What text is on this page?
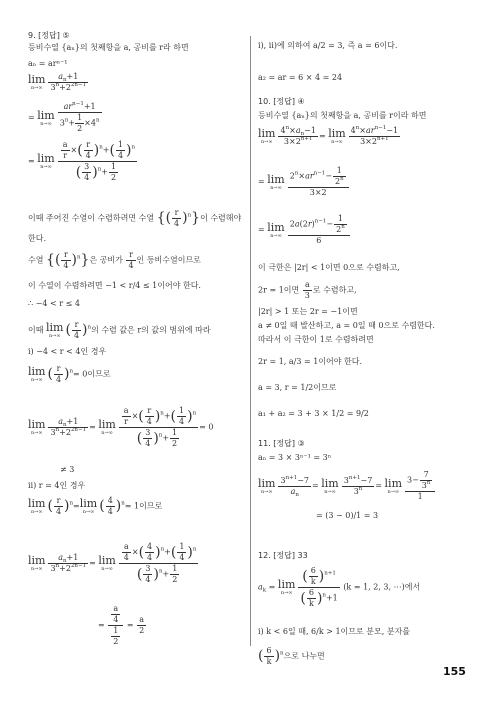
9. [정답] ⑤
등비수열 {aₙ}의 첫째항을 a, 공비를 r라 하면
aₙ = arⁿ⁻¹
lim
$n\to\infty \frac{a_n+1}{3^n+2^{2n-1}}$
= lim
$n\to\infty \frac{ar^{n-1}+1}{3^n+ \frac{1}{2} \times 4^n}$
= lim
$n\to\infty \frac{\frac{a}{r} \times( \frac{r}{4} )^n+( \frac{1}{4} )^n}{( \frac{3}{4} )^n+ \frac{1}{2}}$
이때 주어진 수열이 수렴하려면 수열 {( $\frac{r}{4} )^n$}이 수렴해야
한다.
수열 {( $\frac{r}{4} )^n$}은 공비가 $\frac{r}{4}$ 인 등비수열이므로
이 수열이 수렴하려면 −1 < r/4 ≤ 1이어야 한다.
∴ −4 < r ≤ 4
이때 lim
n→∞ ( $\frac{r}{4} )^n$의 수렴 값은 r의 값의 범위에 따라
ⅰ) −4 < r < 4인 경우
lim
n→∞ ( $\frac{r}{4} )^n= 0$이므로
lim
$n\to\infty \frac{a_n+1}{3^n+2^{2n-1}} = \lim$
$n\to\infty \frac{\frac{a}{r} \times( \frac{r}{4} )^n+( \frac{1}{4} )^n}{( \frac{3}{4} )^n+ \frac{1}{2}} = 0$
≠ 3
ⅱ) r = 4인 경우
lim
n→∞ ( $\frac{r}{4} )^n= \lim$
n→∞ ( $\frac{4}{4} )^n= 1$이므로
lim
$n\to\infty \frac{a_n+1}{3^n+2^{2n-1}} = \lim$
$n\to\infty \frac{\frac{a}{4} \times( \frac{4}{4} )^n+( \frac{1}{4} )^n}{( \frac{3}{4} )^n+ \frac{1}{2}}$
= $\frac{\frac{a}{4}}{\frac{1}{2}} = \frac{a}{2}$
ⅰ), ⅱ)에 의하여 a/2 = 3, 즉 a = 6이다.
a₂ = ar = 6 × 4 = 24
10. [정답] ④
등비수열 {aₙ}의 첫째항을 a, 공비를 r이라 하면
lim
$n\to\infty \frac{4^n\times a_n-1}{3\times 2^{n+1}} = \lim$
$n\to\infty \frac{4^n\times ar^{n-1}-1}{3\times 2^{n+1}}$
= lim
$n\to\infty \frac{2^n\times ar^{n-1}- \frac{1}{2^n}}{3\times 2}$
= lim
$n\to\infty \frac{2a(2r)^{n-1}- \frac{1}{2^n}}{6}$
이 극한은 |2r| < 1이면 0으로 수렴하고,
2r = 1이면 $\frac{a}{3}$ 로 수렴하고,
|2r| > 1 또는 2r = −1이면
a ≠ 0일 때 발산하고, a = 0일 때 0으로 수렴한다.
따라서 이 극한이 1로 수렴하려면
2r = 1, a/3 = 1이어야 한다.
a = 3, r = 1/2이므로
a₁ + a₂ = 3 + 3 × 1/2 = 9/2
11. [정답] ③
aₙ = 3 × 3ⁿ⁻¹ = 3ⁿ
lim
$n\to\infty \frac{3^{n+1}-7}{a_n} = \lim$
$n\to\infty \frac{3^{n+1}-7}{3^n} = \lim$
$n\to\infty \frac{3- \frac{7}{3^n}}{1}$
= (3 − 0)/1 = 3
12. [정답] 33
$a_k = \lim$
$n\to\infty \frac{( \frac{6}{k} )^{n+1}}{( \frac{6}{k} )^n+1} (k = 1$, 2, 3, ⋯)에서
ⅰ) k < 6일 때, 6/k > 1이므로 분모, 분자를
( $\frac{6}{k} )^n$으로 나누면
155
